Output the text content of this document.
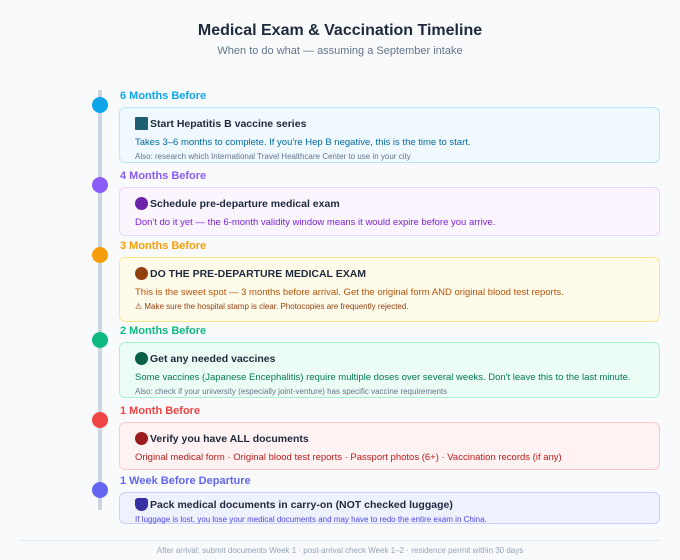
Medical Exam & Vaccination Timeline
When to do what — assuming a September intake
6 Months Before
Start Hepatitis B vaccine series
Takes 3–6 months to complete. If you're Hep B negative, this is the time to start.
Also: research which International Travel Healthcare Center to use in your city
4 Months Before
Schedule pre-departure medical exam
Don't do it yet — the 6-month validity window means it would expire before you arrive.
3 Months Before
DO THE PRE-DEPARTURE MEDICAL EXAM
This is the sweet spot — 3 months before arrival. Get the original form AND original blood test reports.
⚠ Make sure the hospital stamp is clear. Photocopies are frequently rejected.
2 Months Before
Get any needed vaccines
Some vaccines (Japanese Encephalitis) require multiple doses over several weeks. Don't leave this to the last minute.
Also: check if your university (especially joint-venture) has specific vaccine requirements
1 Month Before
Verify you have ALL documents
Original medical form · Original blood test reports · Passport photos (6+) · Vaccination records (if any)
1 Week Before Departure
Pack medical documents in carry-on (NOT checked luggage)
If luggage is lost, you lose your medical documents and may have to redo the entire exam in China.
After arrival: submit documents Week 1 · post-arrival check Week 1–2 · residence permit within 30 days
